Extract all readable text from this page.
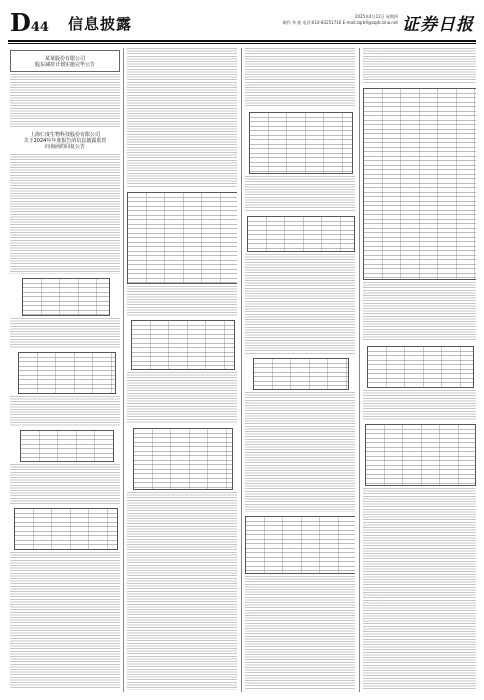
D44 信息披露	2025年4月12日 星期四
制作 李 波 电话:010-83251716 E-mail:zqrb9@zqrb.sina.net 证券日报
某某股份有限公司
股东减持计划实施完毕公告
上海仁度生物科技股份有限公司
关于2024年年度报告的信息披露监管
问询函的回复公告
